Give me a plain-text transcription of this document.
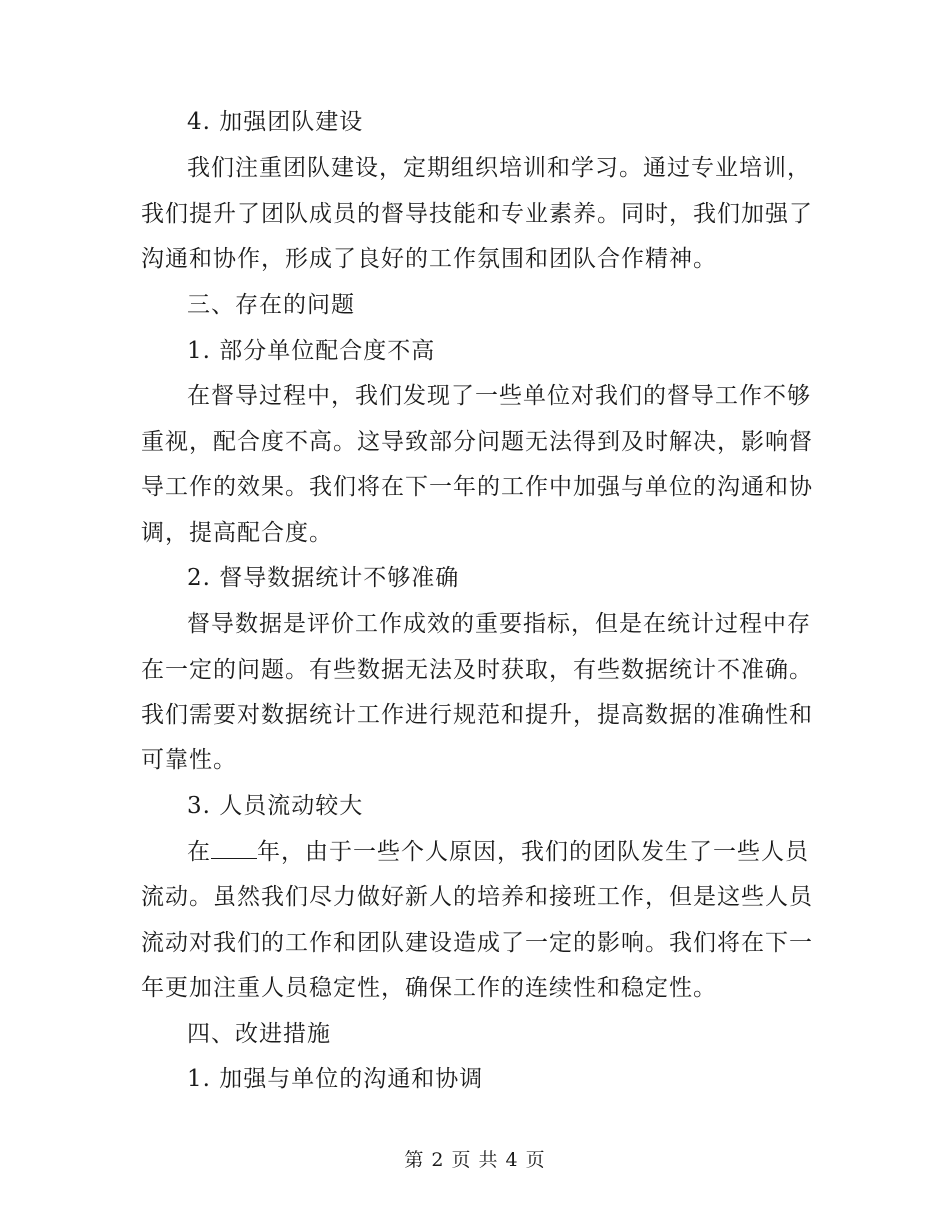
4. 加强团队建设
我们注重团队建设，定期组织培训和学习。通过专业培训，
我们提升了团队成员的督导技能和专业素养。同时，我们加强了
沟通和协作，形成了良好的工作氛围和团队合作精神。
三、存在的问题
1. 部分单位配合度不高
在督导过程中，我们发现了一些单位对我们的督导工作不够
重视，配合度不高。这导致部分问题无法得到及时解决，影响督
导工作的效果。我们将在下一年的工作中加强与单位的沟通和协
调，提高配合度。
2. 督导数据统计不够准确
督导数据是评价工作成效的重要指标，但是在统计过程中存
在一定的问题。有些数据无法及时获取，有些数据统计不准确。
我们需要对数据统计工作进行规范和提升，提高数据的准确性和
可靠性。
3. 人员流动较大
在 年，由于一些个人原因，我们的团队发生了一些人员
流动。虽然我们尽力做好新人的培养和接班工作，但是这些人员
流动对我们的工作和团队建设造成了一定的影响。我们将在下一
年更加注重人员稳定性，确保工作的连续性和稳定性。
四、改进措施
1. 加强与单位的沟通和协调
第 2 页 共 4 页
